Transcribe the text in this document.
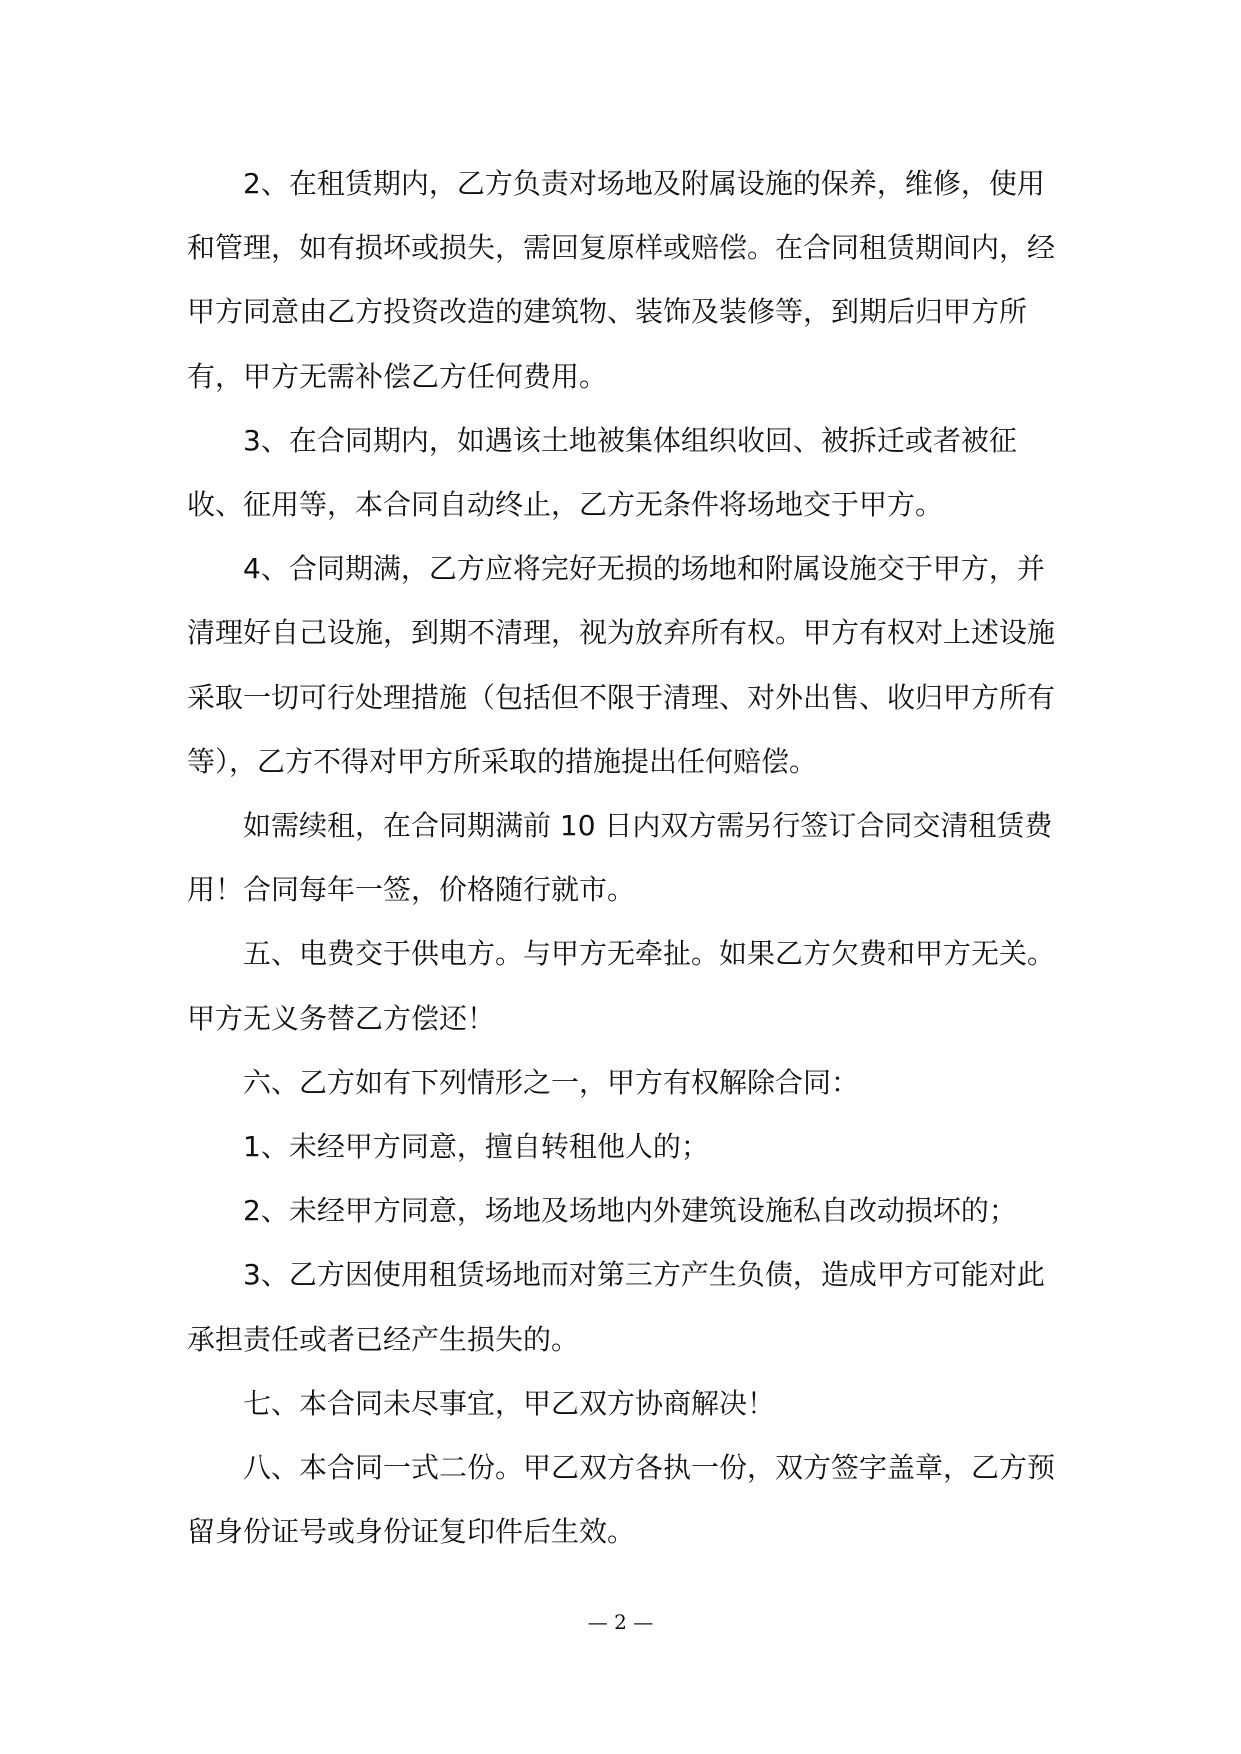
2、在租赁期内，乙方负责对场地及附属设施的保养，维修，使用和管理，如有损坏或损失，需回复原样或赔偿。在合同租赁期间内，经甲方同意由乙方投资改造的建筑物、装饰及装修等，到期后归甲方所有，甲方无需补偿乙方任何费用。

3、在合同期内，如遇该土地被集体组织收回、被拆迁或者被征收、征用等，本合同自动终止，乙方无条件将场地交于甲方。

4、合同期满，乙方应将完好无损的场地和附属设施交于甲方，并清理好自己设施，到期不清理，视为放弃所有权。甲方有权对上述设施采取一切可行处理措施（包括但不限于清理、对外出售、收归甲方所有等），乙方不得对甲方所采取的措施提出任何赔偿。

如需续租，在合同期满前 10 日内双方需另行签订合同交清租赁费用！合同每年一签，价格随行就市。

五、电费交于供电方。与甲方无牵扯。如果乙方欠费和甲方无关。甲方无义务替乙方偿还！

六、乙方如有下列情形之一，甲方有权解除合同：

1、未经甲方同意，擅自转租他人的；

2、未经甲方同意，场地及场地内外建筑设施私自改动损坏的；

3、乙方因使用租赁场地而对第三方产生负债，造成甲方可能对此承担责任或者已经产生损失的。

七、本合同未尽事宜，甲乙双方协商解决！

八、本合同一式二份。甲乙双方各执一份，双方签字盖章，乙方预留身份证号或身份证复印件后生效。

— 2 —
